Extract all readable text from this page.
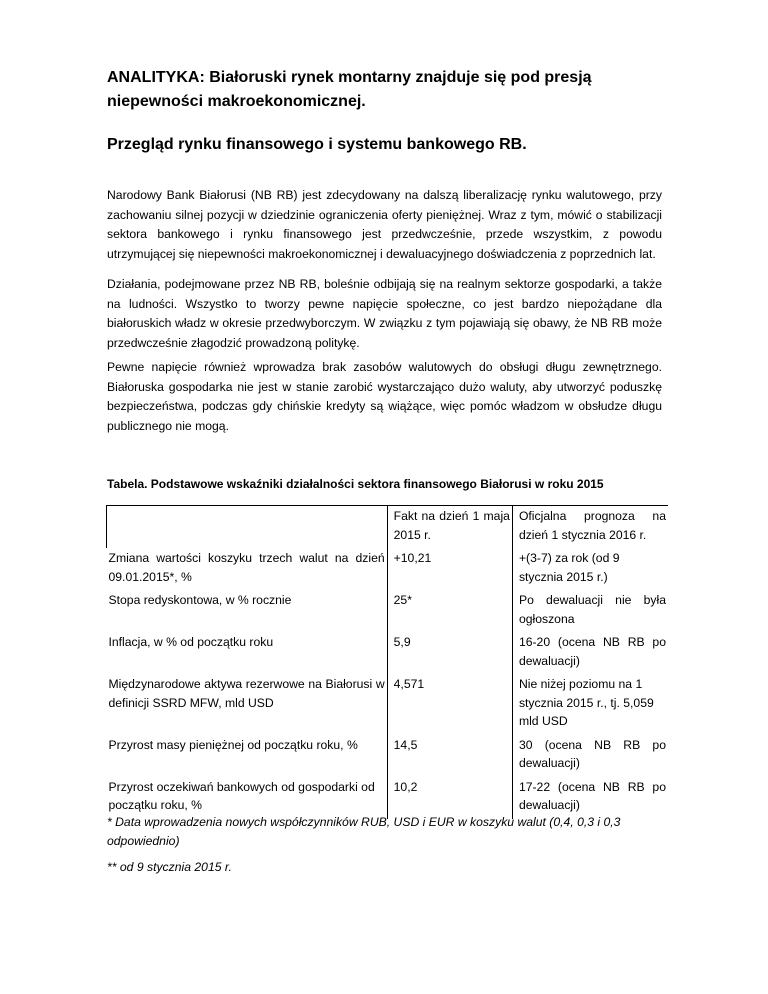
ANALITYKA: Białoruski rynek montarny znajduje się pod presją niepewności makroekonomicznej.
Przegląd rynku finansowego i systemu bankowego RB.

Narodowy Bank Białorusi (NB RB) jest zdecydowany na dalszą liberalizację rynku walutowego, przy zachowaniu silnej pozycji w dziedzinie ograniczenia oferty pieniężnej. Wraz z tym, mówić o stabilizacji sektora bankowego i rynku finansowego jest przedwcześnie, przede wszystkim, z powodu utrzymującej się niepewności makroekonomicznej i dewaluacyjnego doświadczenia z poprzednich lat.

Działania, podejmowane przez NB RB, boleśnie odbijają się na realnym sektorze gospodarki, a także na ludności. Wszystko to tworzy pewne napięcie społeczne, co jest bardzo niepożądane dla białoruskich władz w okresie przedwyborczym. W związku z tym pojawiają się obawy, że NB RB może przedwcześnie złagodzić prowadzoną politykę.

Pewne napięcie również wprowadza brak zasobów walutowych do obsługi długu zewnętrznego. Białoruska gospodarka nie jest w stanie zarobić wystarczająco dużo waluty, aby utworzyć poduszkę bezpieczeństwa, podczas gdy chińskie kredyty są wiążące, więc pomóc władzom w obsłudze długu publicznego nie mogą.

Tabela. Podstawowe wskaźniki działalności sektora finansowego Białorusi w roku 2015

	Fakt na dzień 1 maja 2015 r.	Oficjalna prognoza na dzień 1 stycznia 2016 r.
Zmiana wartości koszyku trzech walut na dzień 09.01.2015*, %	+10,21	+(3-7) za rok (od 9 stycznia 2015 r.)
Stopa redyskontowa, w % rocznie	25*	Po dewaluacji nie była ogłoszona
Inflacja, w % od początku roku	5,9	16-20 (ocena NB RB po dewaluacji)
Międzynarodowe aktywa rezerwowe na Białorusi w definicji SSRD MFW, mld USD	4,571	Nie niżej poziomu na 1 stycznia 2015 r., tj. 5,059 mld USD
Przyrost masy pieniężnej od początku roku, %	14,5	30 (ocena NB RB po dewaluacji)
Przyrost oczekiwań bankowych od gospodarki od początku roku, %	10,2	17-22 (ocena NB RB po dewaluacji)

* Data wprowadzenia nowych współczynników RUB, USD i EUR w koszyku walut (0,4, 0,3 i 0,3 odpowiednio)

** od 9 stycznia 2015 r.
